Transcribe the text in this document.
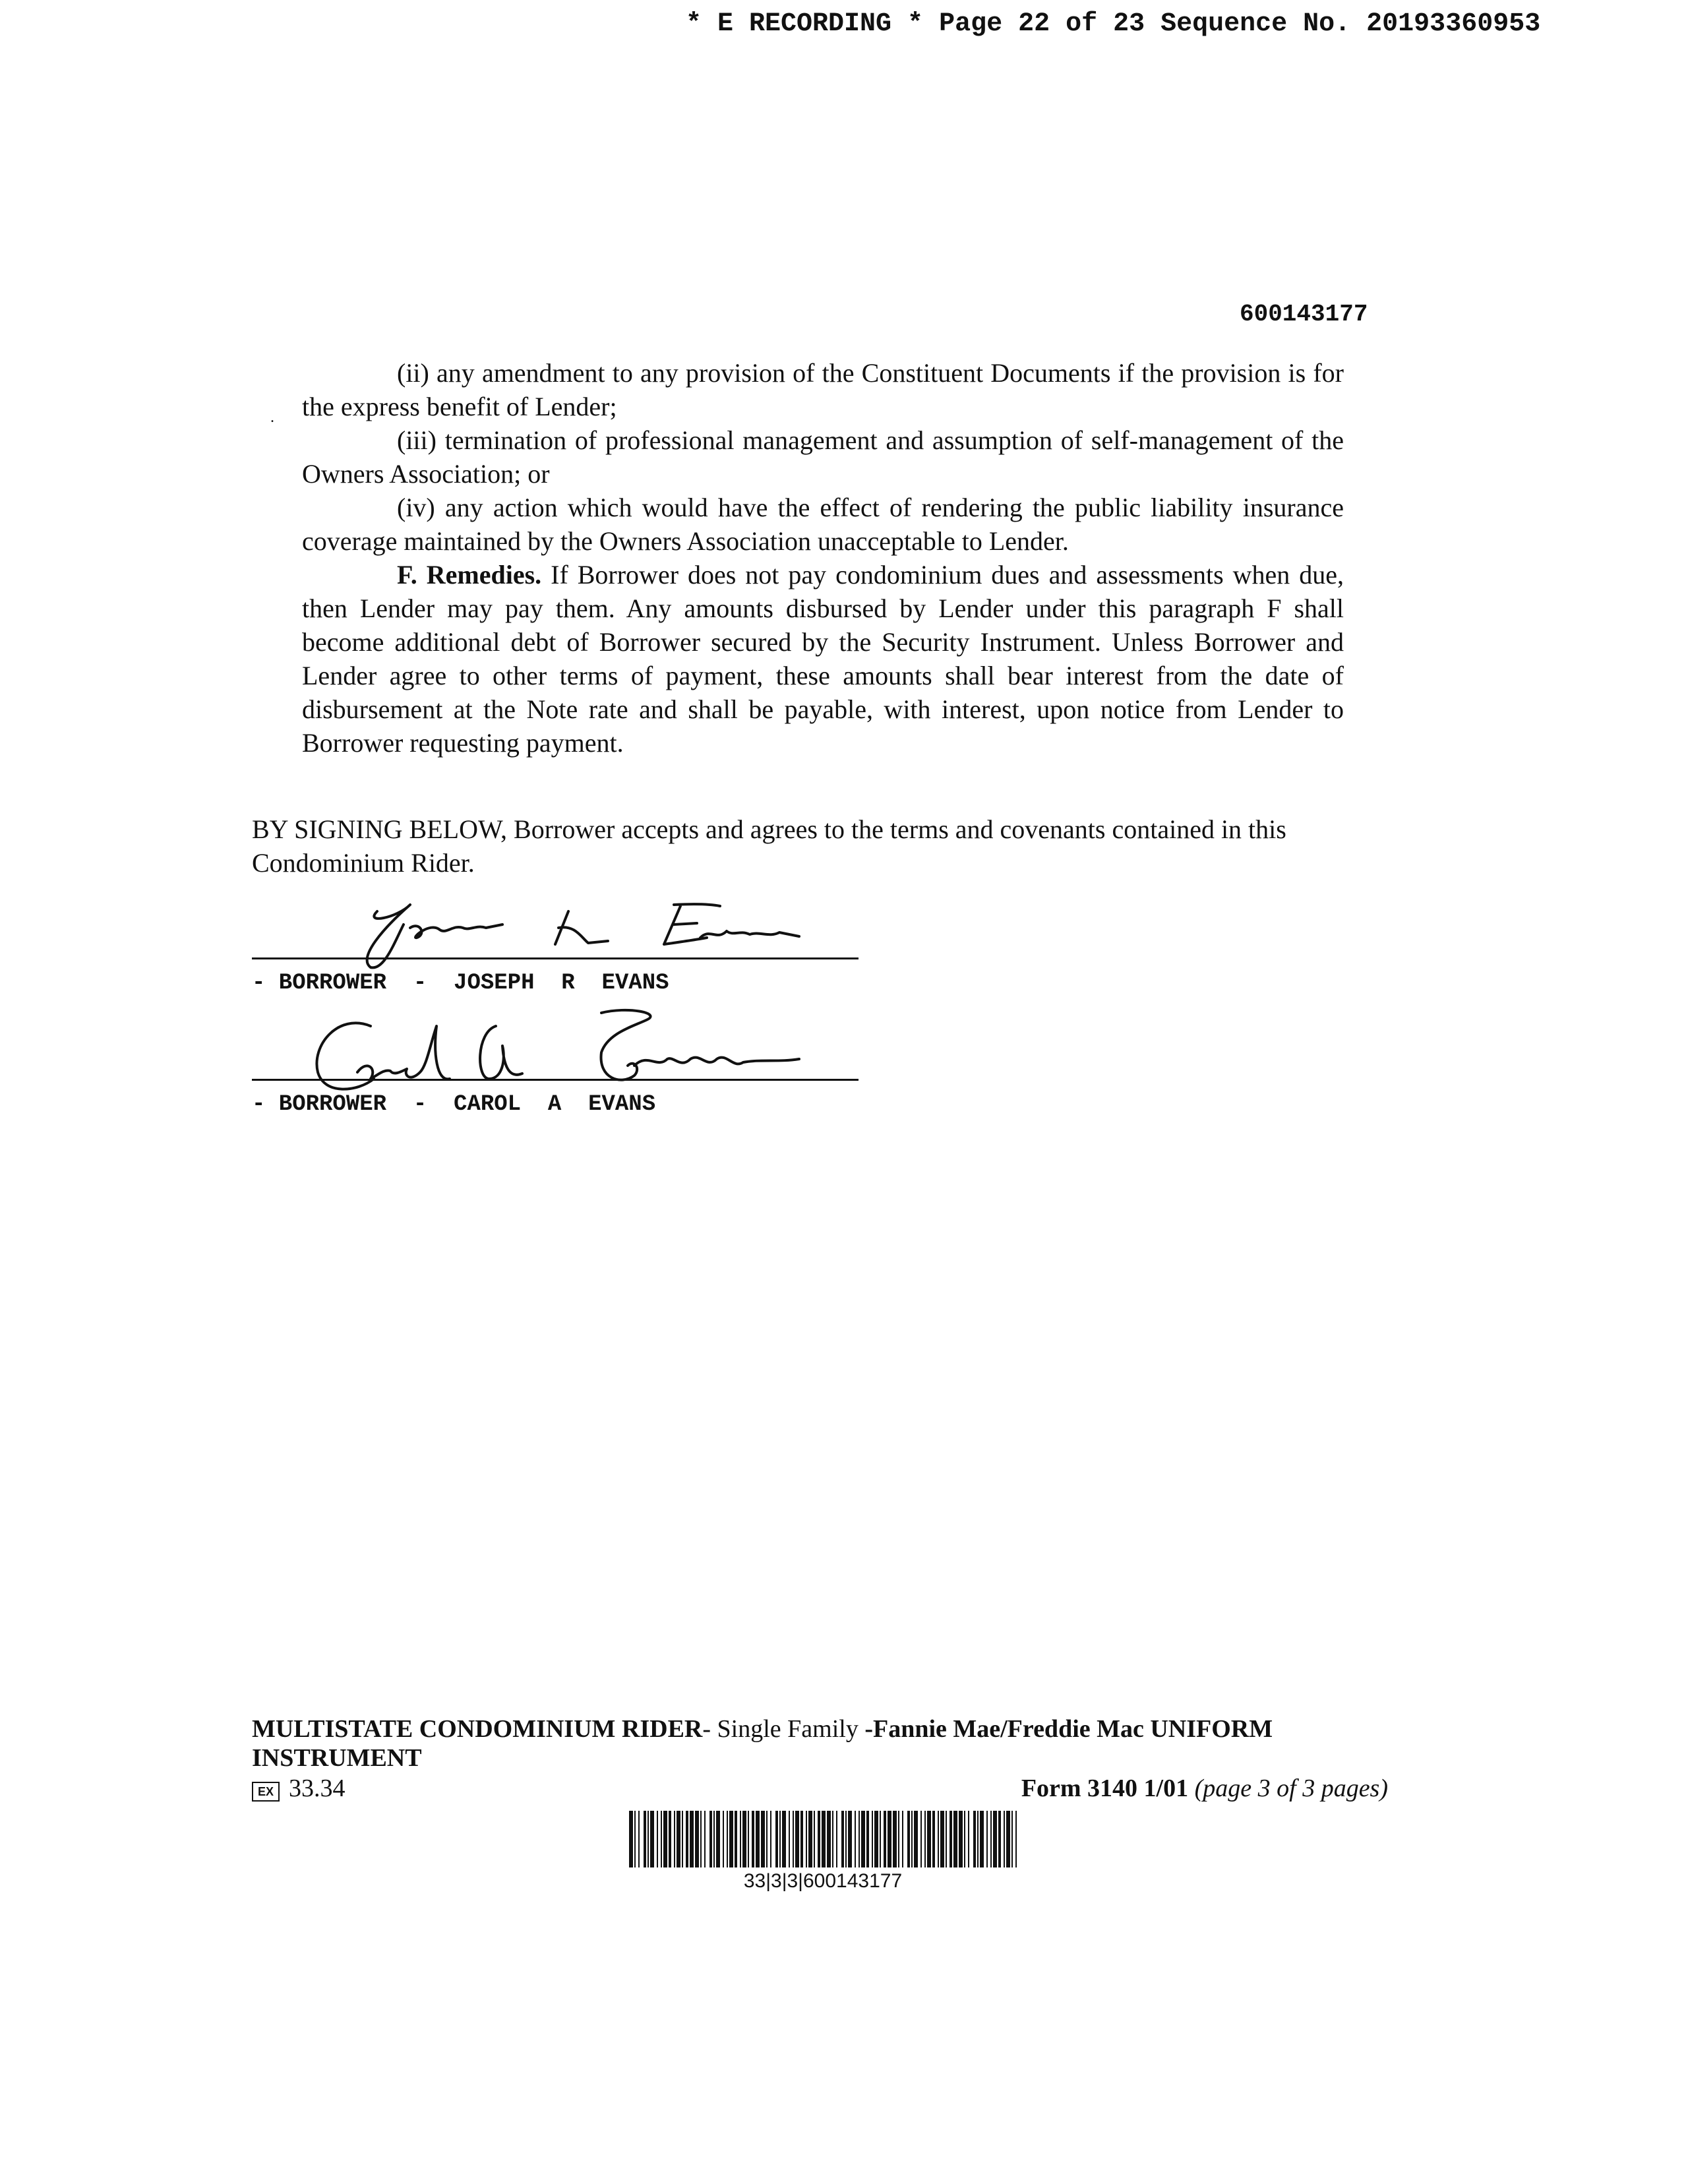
* E RECORDING * Page 22 of 23 Sequence No. 20193360953
600143177
.

(ii) any amendment to any provision of the Constituent Documents if the provision is for the express benefit of Lender;

(iii) termination of professional management and assumption of self-management of the Owners Association; or

(iv) any action which would have the effect of rendering the public liability insurance coverage maintained by the Owners Association unacceptable to Lender.

F. Remedies. If Borrower does not pay condominium dues and assessments when due, then Lender may pay them. Any amounts disbursed by Lender under this paragraph F shall become additional debt of Borrower secured by the Security Instrument. Unless Borrower and Lender agree to other terms of payment, these amounts shall bear interest from the date of disbursement at the Note rate and shall be payable, with interest, upon notice from Lender to Borrower requesting payment.

BY SIGNING BELOW, Borrower accepts and agrees to the terms and covenants contained in this Condominium Rider.

- BORROWER  -  JOSEPH  R  EVANS
- BORROWER  -  CAROL  A  EVANS
MULTISTATE CONDOMINIUM RIDER- Single Family -Fannie Mae/Freddie Mac UNIFORM INSTRUMENT
EX 33.34	Form 3140 1/01 (page 3 of 3 pages)
33|3|3|600143177
